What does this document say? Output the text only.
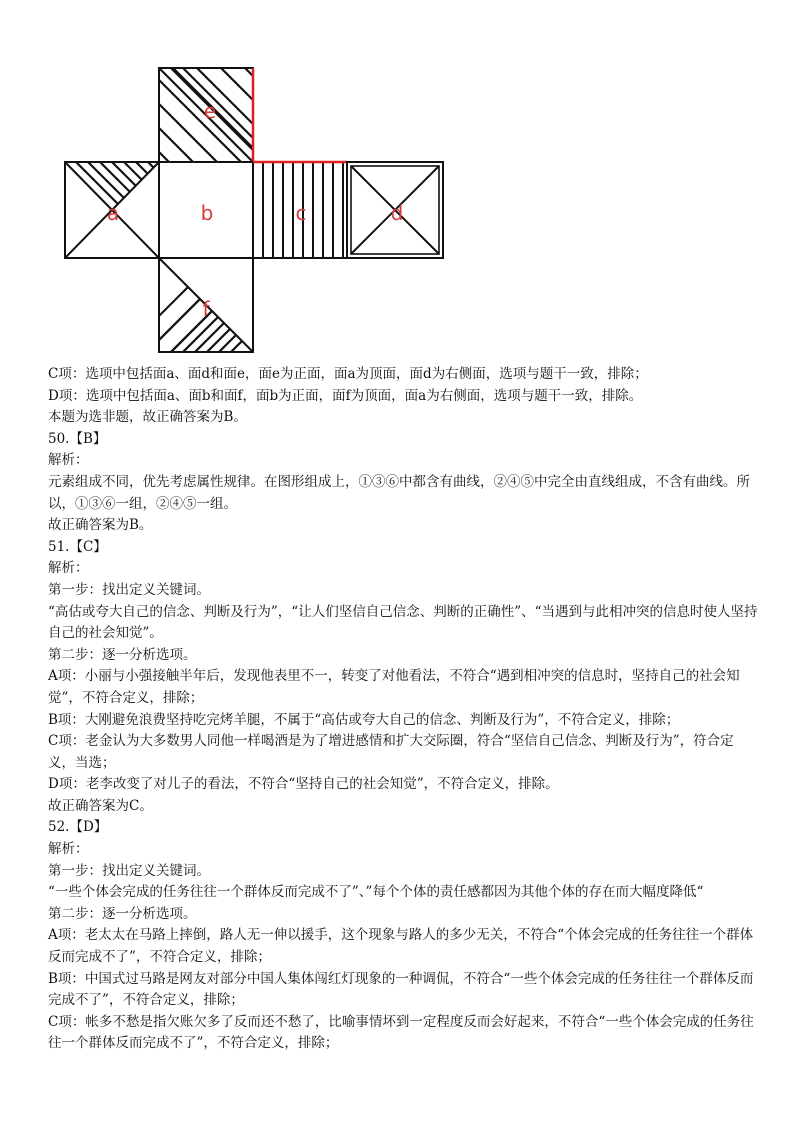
e
a	b	c	d
f
C项：选项中包括面a、面d和面e，面e为正面，面a为顶面，面d为右侧面，选项与题干一致，排除；
D项：选项中包括面a、面b和面f，面b为正面，面f为顶面，面a为右侧面，选项与题干一致，排除。
本题为选非题，故正确答案为B。
50.【B】
解析：
元素组成不同，优先考虑属性规律。在图形组成上，①③⑥中都含有曲线，②④⑤中完全由直线组成，不含有曲线。所以，①③⑥一组，②④⑤一组。
故正确答案为B。
51.【C】
解析：
第一步：找出定义关键词。
“高估或夸大自己的信念、判断及行为”，“让人们坚信自己信念、判断的正确性”、“当遇到与此相冲突的信息时使人坚持自己的社会知觉”。
第二步：逐一分析选项。
A项：小丽与小强接触半年后，发现他表里不一，转变了对他看法，不符合“遇到相冲突的信息时，坚持自己的社会知觉”，不符合定义，排除；
B项：大刚避免浪费坚持吃完烤羊腿，不属于“高估或夸大自己的信念、判断及行为”，不符合定义，排除；
C项：老金认为大多数男人同他一样喝酒是为了增进感情和扩大交际圈，符合“坚信自己信念、判断及行为”，符合定义，当选；
D项：老李改变了对儿子的看法，不符合“坚持自己的社会知觉”，不符合定义，排除。
故正确答案为C。
52.【D】
解析：
第一步：找出定义关键词。
“一些个体会完成的任务往往一个群体反而完成不了”、”每个个体的责任感都因为其他个体的存在而大幅度降低“
第二步：逐一分析选项。
A项：老太太在马路上摔倒，路人无一伸以援手，这个现象与路人的多少无关，不符合“个体会完成的任务往往一个群体反而完成不了”，不符合定义，排除；
B项：中国式过马路是网友对部分中国人集体闯红灯现象的一种调侃，不符合“一些个体会完成的任务往往一个群体反而完成不了”，不符合定义，排除；
C项：帐多不愁是指欠账欠多了反而还不愁了，比喻事情坏到一定程度反而会好起来，不符合“一些个体会完成的任务往往一个群体反而完成不了”，不符合定义，排除；
